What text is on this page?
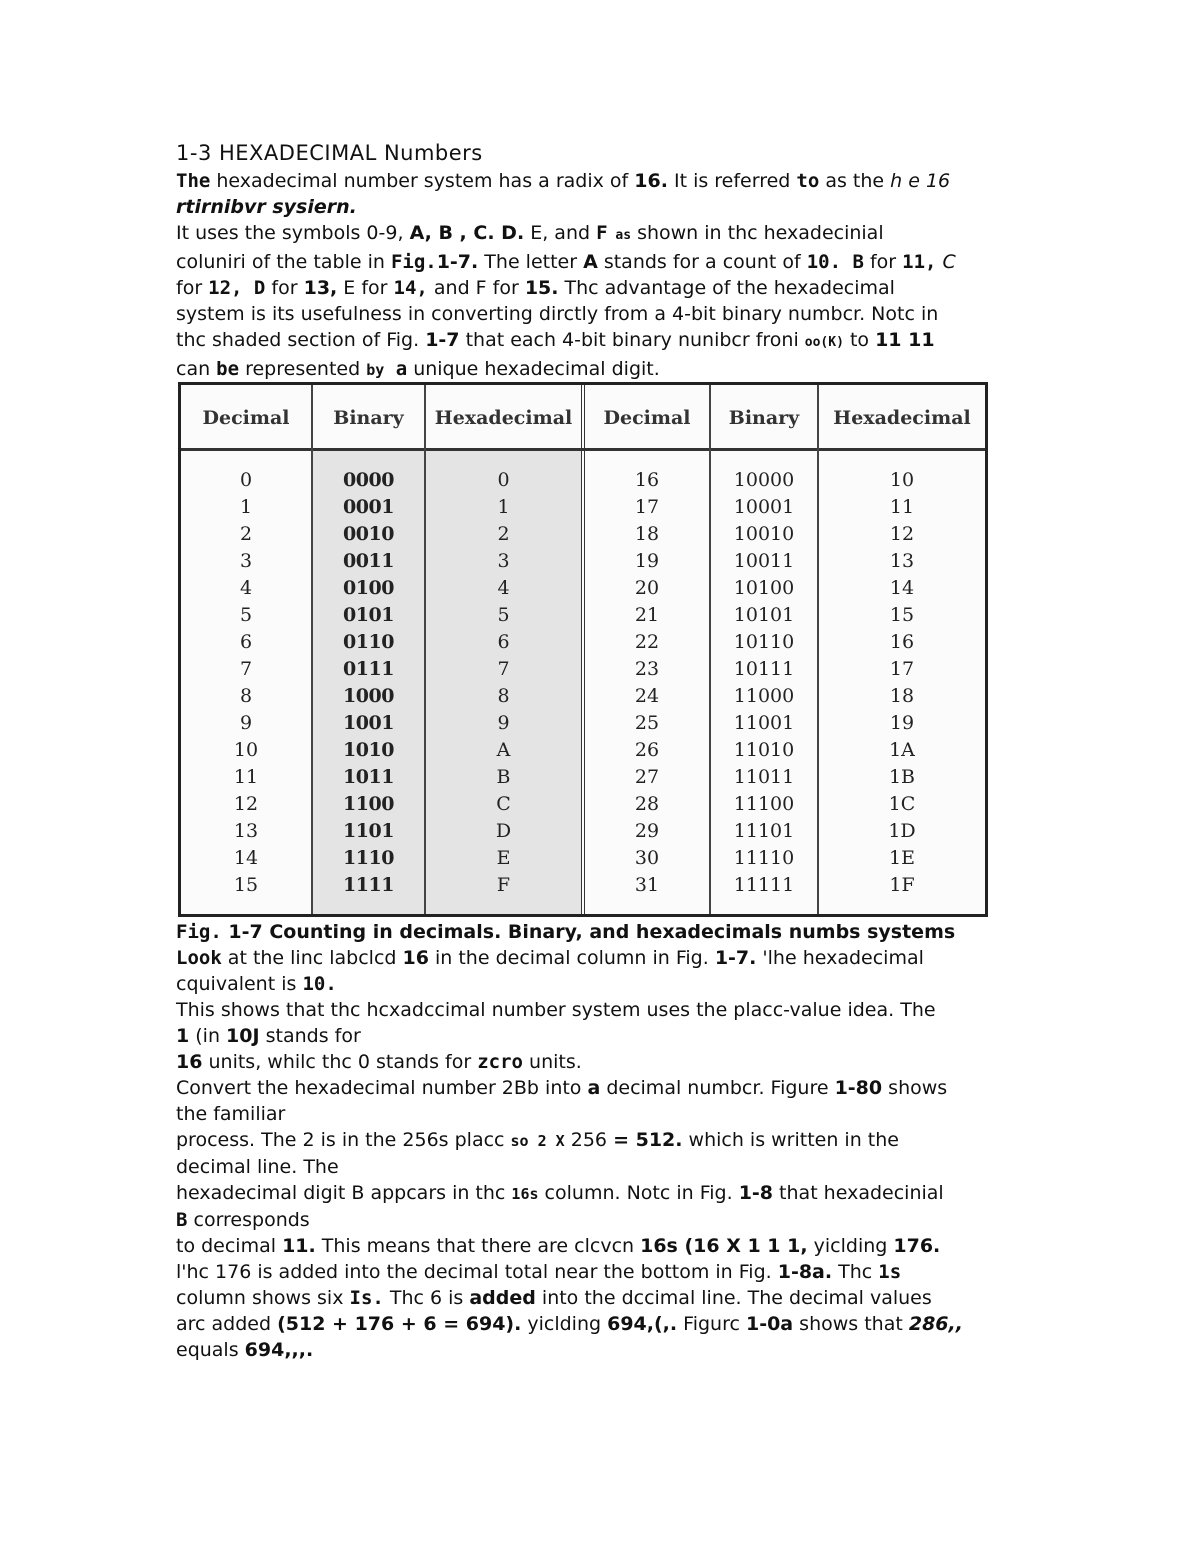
1-3 HEXADECIMAL Numbers

The hexadecimal number system has a radix of 16. It is referred to as the h e 16

rtirnibvr sysiern.

It uses the symbols 0-9, A, B , C. D. E, and F as shown in thc hexadecinial

coluniri of the table in Fig.1-7. The letter A stands for a count of 10. B for 11, C

for 12, D for 13, E for 14, and F for 15. Thc advantage of the hexadecimal

system is its usefulness in converting dirctly from a 4-bit binary numbcr. Notc in

thc shaded section of Fig. 1-7 that each 4-bit binary nunibcr froni oo(K) to 11 11

can be represented by a unique hexadecimal digit.

Decimal
0
1
2
3
4
5
6
7
8
9
10
11
12
13
14
15
Binary
0000
0001
0010
0011
0100
0101
0110
0111
1000
1001
1010
1011
1100
1101
1110
1111
Hexadecimal
0
1
2
3
4
5
6
7
8
9
A
B
C
D
E
F
Decimal
16
17
18
19
20
21
22
23
24
25
26
27
28
29
30
31
Binary
10000
10001
10010
10011
10100
10101
10110
10111
11000
11001
11010
11011
11100
11101
11110
11111
Hexadecimal
10
11
12
13
14
15
16
17
18
19
1A
1B
1C
1D
1E
1F

Fig. 1-7 Counting in decimals. Binary, and hexadecimals numbs systems

Look at the linc labclcd 16 in the decimal column in Fig. 1-7. 'lhe hexadecimal

cquivalent is 10.

This shows that thc hcxadccimal number system uses the placc-value idea. The

1 (in 10J stands for

16 units, whilc thc 0 stands for zcro units.

Convert the hexadecimal number 2Bb into a decimal numbcr. Figure 1-80 shows

the familiar

process. The 2 is in the 256s placc so 2 X 256 = 512. which is written in the

decimal line. The

hexadecimal digit B appcars in thc 16s column. Notc in Fig. 1-8 that hexadecinial

B corresponds

to decimal 11. This means that there are clcvcn 16s (16 X 1 1 1, yiclding 176.

l'hc 176 is added into the decimal total near the bottom in Fig. 1-8a. Thc 1s

column shows six Is. Thc 6 is added into the dccimal line. The decimal values

arc added (512 + 176 + 6 = 694). yiclding 694,(,. Figurc 1-0a shows that 286,,

equals 694,,,.
